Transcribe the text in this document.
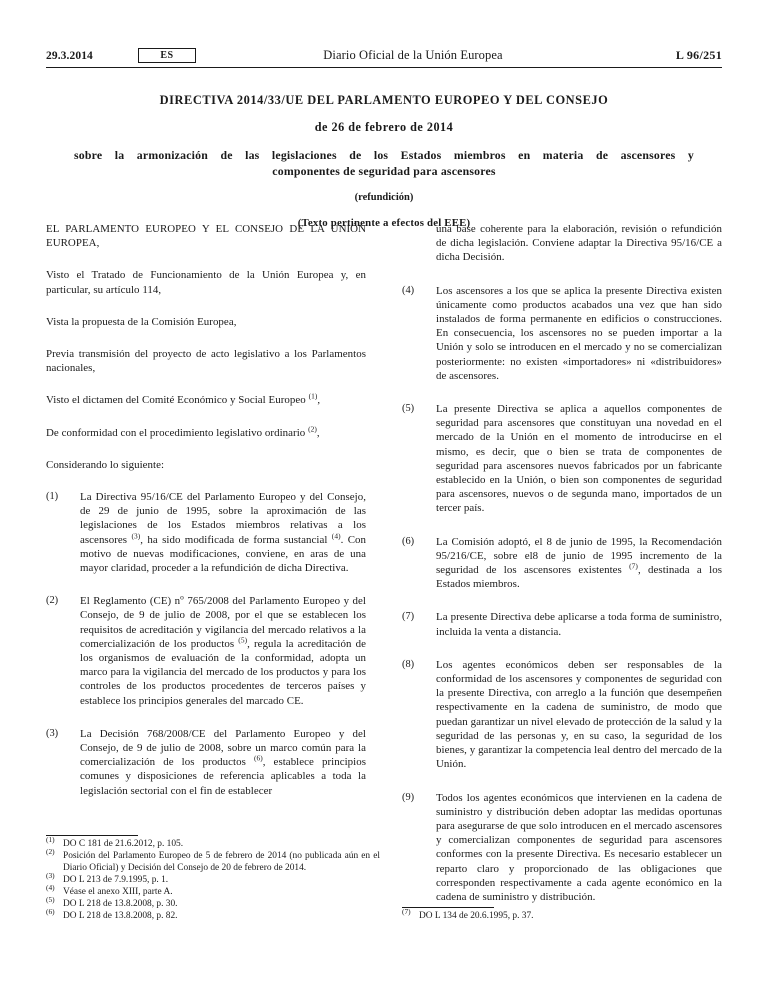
29.3.2014	ES	Diario Oficial de la Unión Europea	L 96/251
DIRECTIVA 2014/33/UE DEL PARLAMENTO EUROPEO Y DEL CONSEJO
de 26 de febrero de 2014
sobre la armonización de las legislaciones de los Estados miembros en materia de ascensores y
componentes de seguridad para ascensores
(refundición)
(Texto pertinente a efectos del EEE)
EL PARLAMENTO EUROPEO Y EL CONSEJO DE LA UNIÓN EUROPEA,
Visto el Tratado de Funcionamiento de la Unión Europea y, en particular, su artículo 114,
Vista la propuesta de la Comisión Europea,
Previa transmisión del proyecto de acto legislativo a los Parlamentos nacionales,
Visto el dictamen del Comité Económico y Social Europeo $^{(1)}$,
De conformidad con el procedimiento legislativo ordinario $^{(2)}$,
Considerando lo siguiente:
(1)	La Directiva 95/16/CE del Parlamento Europeo y del Consejo, de 29 de junio de 1995, sobre la aproximación de las legislaciones de los Estados miembros relativas a los ascensores $^{(3)}$, ha sido modificada de forma sustancial $^{(4)}$. Con motivo de nuevas modificaciones, conviene, en aras de una mayor claridad, proceder a la refundición de dicha Directiva.
(2)	El Reglamento (CE) $n^o$ 765/2008 del Parlamento Europeo y del Consejo, de 9 de julio de 2008, por el que se establecen los requisitos de acreditación y vigilancia del mercado relativos a la comercialización de los productos $^{(5)}$, regula la acreditación de los organismos de evaluación de la conformidad, adopta un marco para la vigilancia del mercado de los productos y para los controles de los productos procedentes de terceros países y establece los principios generales del marcado CE.
(3)	La Decisión 768/2008/CE del Parlamento Europeo y del Consejo, de 9 de julio de 2008, sobre un marco común para la comercialización de los productos $^{(6)}$, establece principios comunes y disposiciones de referencia aplicables a toda la legislación sectorial con el fin de establecer
$^{(1)}$ DO C 181 de 21.6.2012, p. 105.
$^{(2)}$ Posición del Parlamento Europeo de 5 de febrero de 2014 (no publicada aún en el Diario Oficial) y Decisión del Consejo de 20 de febrero de 2014.
$^{(3)}$ DO L 213 de 7.9.1995, p. 1.
$^{(4)}$ Véase el anexo XIII, parte A.
$^{(5)}$ DO L 218 de 13.8.2008, p. 30.
$^{(6)}$ DO L 218 de 13.8.2008, p. 82.
una base coherente para la elaboración, revisión o refundición de dicha legislación. Conviene adaptar la Directiva 95/16/CE a dicha Decisión.
(4)	Los ascensores a los que se aplica la presente Directiva existen únicamente como productos acabados una vez que han sido instalados de forma permanente en edificios o construcciones. En consecuencia, los ascensores no se pueden importar a la Unión y solo se introducen en el mercado y no se comercializan posteriormente: no existen «importadores» ni «distribuidores» de ascensores.
(5)	La presente Directiva se aplica a aquellos componentes de seguridad para ascensores que constituyan una novedad en el mercado de la Unión en el momento de introducirse en el mismo, es decir, que o bien se trata de componentes de seguridad para ascensores nuevos fabricados por un fabricante establecido en la Unión, o bien son componentes de seguridad para ascensores, nuevos o de segunda mano, importados de un tercer país.
(6)	La Comisión adoptó, el 8 de junio de 1995, la Recomendación 95/216/CE, sobre el8 de junio de 1995 incremento de la seguridad de los ascensores existentes $^{(7)}$, destinada a los Estados miembros.
(7)	La presente Directiva debe aplicarse a toda forma de suministro, incluida la venta a distancia.
(8)	Los agentes económicos deben ser responsables de la conformidad de los ascensores y componentes de seguridad con la presente Directiva, con arreglo a la función que desempeñen respectivamente en la cadena de suministro, de modo que puedan garantizar un nivel elevado de protección de la salud y la seguridad de las personas y, en su caso, la seguridad de los bienes, y garantizar la competencia leal dentro del mercado de la Unión.
(9)	Todos los agentes económicos que intervienen en la cadena de suministro y distribución deben adoptar las medidas oportunas para asegurarse de que solo introducen en el mercado ascensores y comercializan componentes de seguridad para ascensores conformes con la presente Directiva. Es necesario establecer un reparto claro y proporcionado de las obligaciones que corresponden respectivamente a cada agente económico en la cadena de suministro y distribución.
$^{(7)}$ DO L 134 de 20.6.1995, p. 37.
